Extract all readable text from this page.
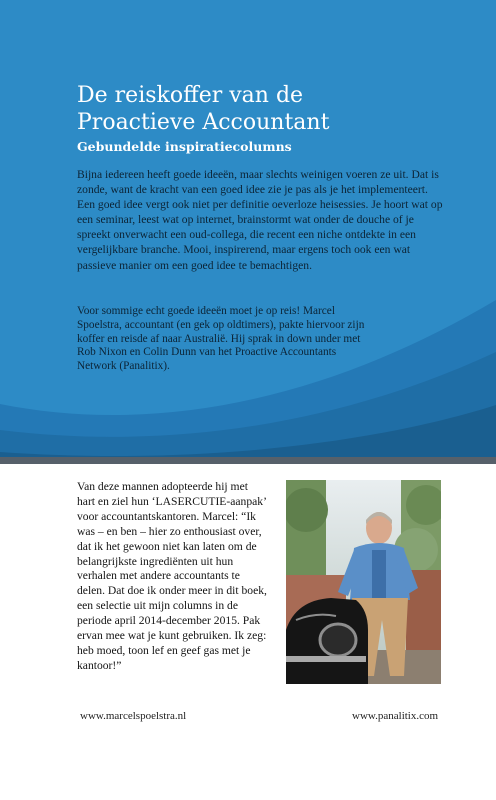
De reiskoffer van de
Proactieve Accountant

Gebundelde inspiratiecolumns

Bijna iedereen heeft goede ideeën, maar slechts weinigen voeren ze uit. Dat is
zonde, want de kracht van een goed idee zie je pas als je het implementeert.
Een goed idee vergt ook niet per definitie oeverloze heisessies. Je hoort wat op
een seminar, leest wat op internet, brainstormt wat onder de douche of je
spreekt onverwacht een oud-collega, die recent een niche ontdekte in een
vergelijkbare branche. Mooi, inspirerend, maar ergens toch ook een wat
passieve manier om een goed idee te bemachtigen.

Voor sommige echt goede ideeën moet je op reis! Marcel
Spoelstra, accountant (en gek op oldtimers), pakte hiervoor zijn
koffer en reisde af naar Australië. Hij sprak in down under met
Rob Nixon en Colin Dunn van het Proactive Accountants
Network (Panalitix).

Van deze mannen adopteerde hij met
hart en ziel hun ‘LASERCUTIE-aanpak’
voor accountantskantoren. Marcel: “Ik
was – en ben – hier zo enthousiast over,
dat ik het gewoon niet kan laten om de
belangrijkste ingrediënten uit hun
verhalen met andere accountants te
delen. Dat doe ik onder meer in dit boek,
een selectie uit mijn columns in de
periode april 2014-december 2015. Pak
ervan mee wat je kunt gebruiken. Ik zeg:
heb moed, toon lef en geef gas met je
kantoor!”

www.marcelspoelstra.nl	www.panalitix.com
